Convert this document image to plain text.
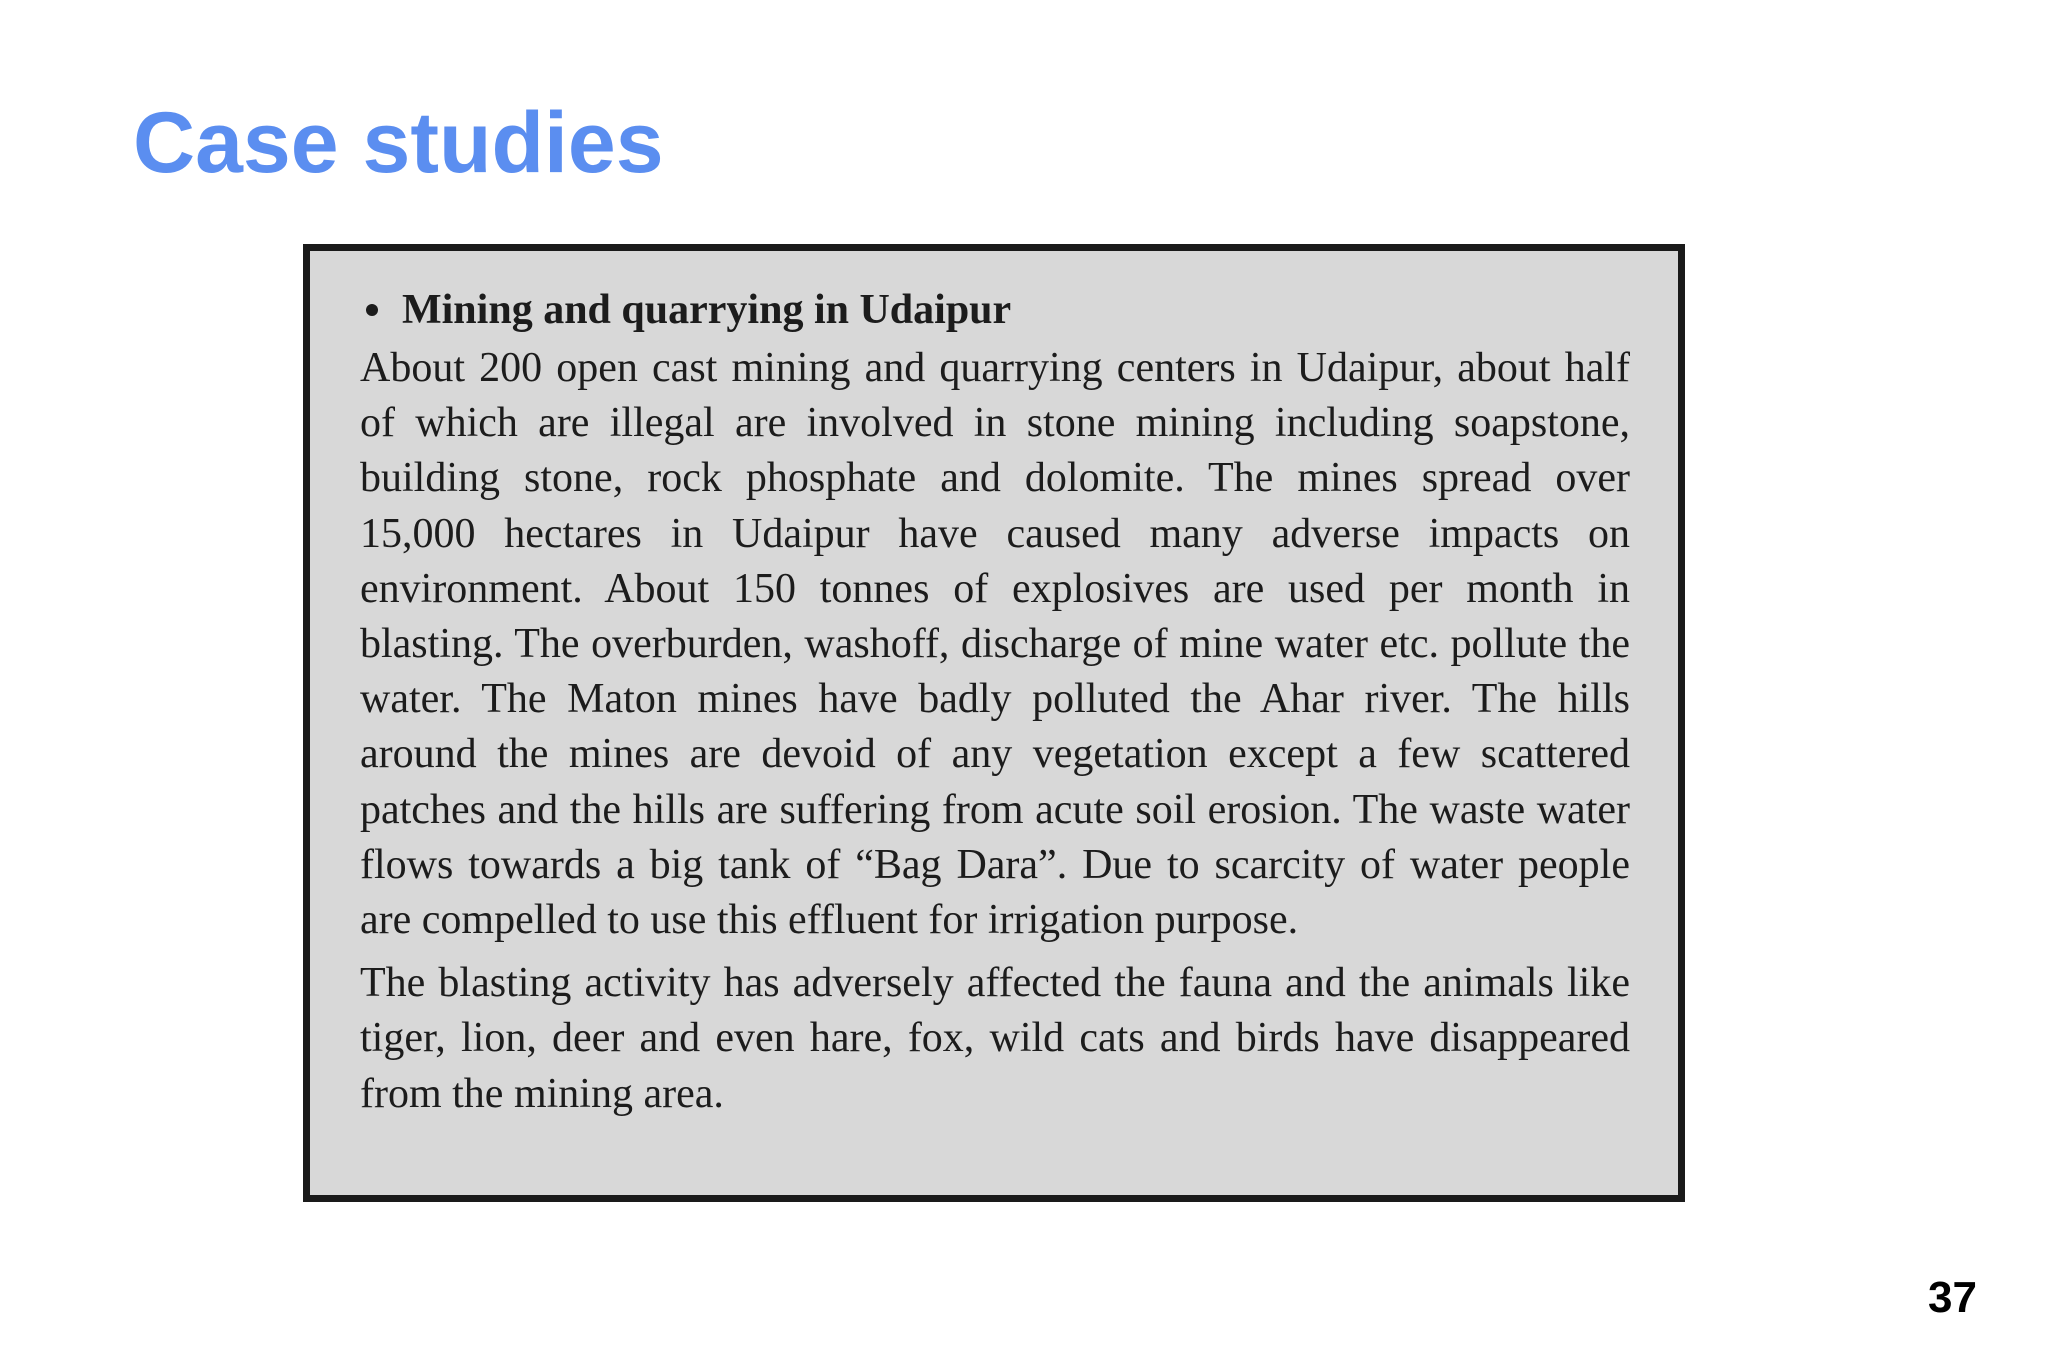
Case studies
Mining and quarrying in Udaipur

About 200 open cast mining and quarrying centers in Udaipur, about half of which are illegal are involved in stone mining including soapstone, building stone, rock phosphate and dolomite. The mines spread over 15,000 hectares in Udaipur have caused many adverse impacts on environment. About 150 tonnes of explosives are used per month in blasting. The overburden, washoff, discharge of mine water etc. pollute the water. The Maton mines have badly polluted the Ahar river. The hills around the mines are devoid of any vegetation except a few scattered patches and the hills are suffering from acute soil erosion. The waste water flows towards a big tank of “Bag Dara”. Due to scarcity of water people are compelled to use this effluent for irrigation purpose.

The blasting activity has adversely affected the fauna and the animals like tiger, lion, deer and even hare, fox, wild cats and birds have disappeared from the mining area.

37
